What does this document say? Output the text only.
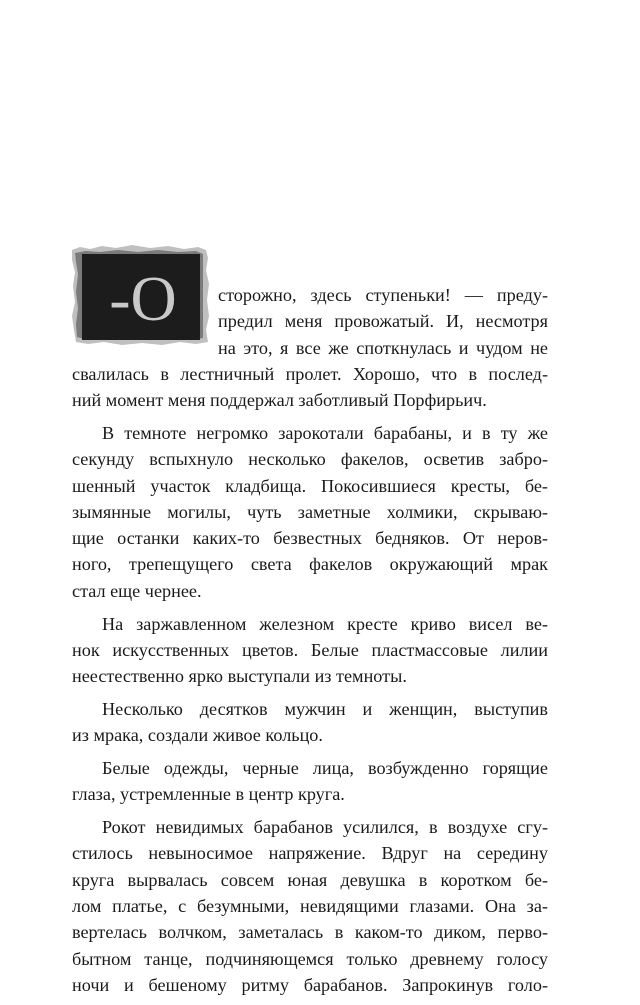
-О	сторожно, здесь ступеньки! — преду-
предил меня провожатый. И, несмотря
на это, я все же споткнулась и чудом не
свалилась в лестничный пролет. Хорошо, что в послед-
ний момент меня поддержал заботливый Порфирьич.
В темноте негромко зарокотали барабаны, и в ту же
секунду вспыхнуло несколько факелов, осветив забро-
шенный участок кладбища. Покосившиеся кресты, бе-
зымянные могилы, чуть заметные холмики, скрываю-
щие останки каких-то безвестных бедняков. От неров-
ного, трепещущего света факелов окружающий мрак
стал еще чернее.
На заржавленном железном кресте криво висел ве-
нок искусственных цветов. Белые пластмассовые лилии
неестественно ярко выступали из темноты.
Несколько десятков мужчин и женщин, выступив
из мрака, создали живое кольцо.
Белые одежды, черные лица, возбужденно горящие
глаза, устремленные в центр круга.
Рокот невидимых барабанов усилился, в воздухе сгу-
стилось невыносимое напряжение. Вдруг на середину
круга вырвалась совсем юная девушка в коротком бе-
лом платье, с безумными, невидящими глазами. Она за-
вертелась волчком, заметалась в каком-то диком, перво-
бытном танце, подчиняющемся только древнему голосу
ночи и бешеному ритму барабанов. Запрокинув голо-
